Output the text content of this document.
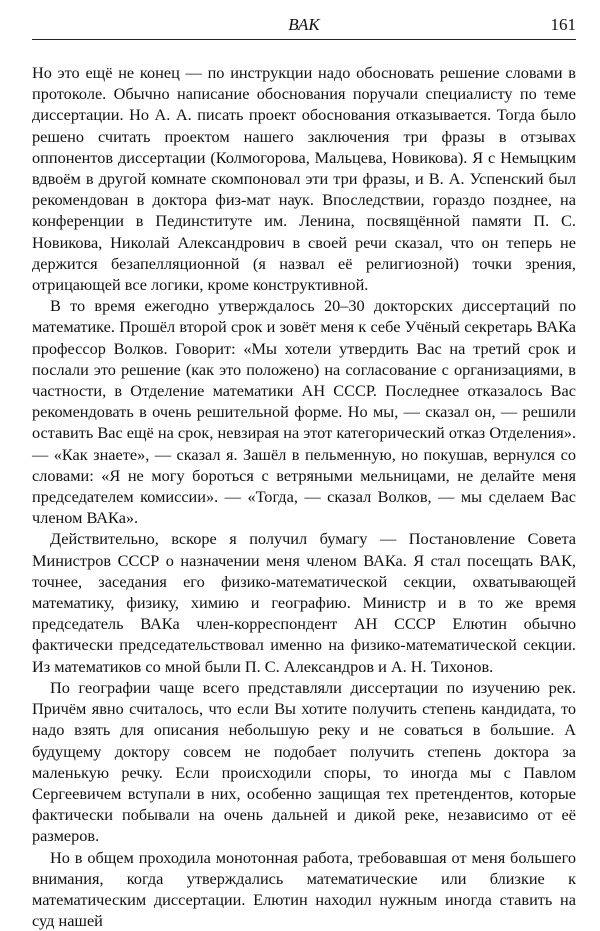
ВАК	161

Но это ещё не конец — по инструкции надо обосновать решение словами в протоколе. Обычно написание обоснования поручали специалисту по теме диссертации. Но А. А. писать проект обоснования отказывается. Тогда было решено считать проектом нашего заключения три фразы в отзывах оппонентов диссертации (Колмогорова, Мальцева, Новикова). Я с Немыцким вдвоём в другой комнате скомпоновал эти три фразы, и В. А. Успенский был рекомендован в доктора физ-мат наук. Впоследствии, гораздо позднее, на конференции в Пединституте им. Ленина, посвящённой памяти П. С. Новикова, Николай Александрович в своей речи сказал, что он теперь не держится безапелляционной (я назвал её религиозной) точки зрения, отрицающей все логики, кроме конструктивной.

В то время ежегодно утверждалось 20–30 докторских диссертаций по математике. Прошёл второй срок и зовёт меня к себе Учёный секретарь ВАКа профессор Волков. Говорит: «Мы хотели утвердить Вас на третий срок и послали это решение (как это положено) на согласование с организациями, в частности, в Отделение математики АН СССР. Последнее отказалось Вас рекомендовать в очень решительной форме. Но мы, — сказал он, — решили оставить Вас ещё на срок, невзирая на этот категорический отказ Отделения». — «Как знаете», — сказал я. Зашёл в пельменную, но покушав, вернулся со словами: «Я не могу бороться с ветряными мельницами, не делайте меня председателем комиссии». — «Тогда, — сказал Волков, — мы сделаем Вас членом ВАКа».

Действительно, вскоре я получил бумагу — Постановление Совета Министров СССР о назначении меня членом ВАКа. Я стал посещать ВАК, точнее, заседания его физико-математической секции, охватывающей математику, физику, химию и географию. Министр и в то же время председатель ВАКа член-корреспондент АН СССР Елютин обычно фактически председательствовал именно на физико-математической секции. Из математиков со мной были П. С. Александров и А. Н. Тихонов.

По географии чаще всего представляли диссертации по изучению рек. Причём явно считалось, что если Вы хотите получить степень кандидата, то надо взять для описания небольшую реку и не соваться в большие. А будущему доктору совсем не подобает получить степень доктора за маленькую речку. Если происходили споры, то иногда мы с Павлом Сергеевичем вступали в них, особенно защищая тех претендентов, которые фактически побывали на очень дальней и дикой реке, независимо от её размеров.

Но в общем проходила монотонная работа, требовавшая от меня большего внимания, когда утверждались математические или близкие к математическим диссертации. Елютин находил нужным иногда ставить на суд нашей
